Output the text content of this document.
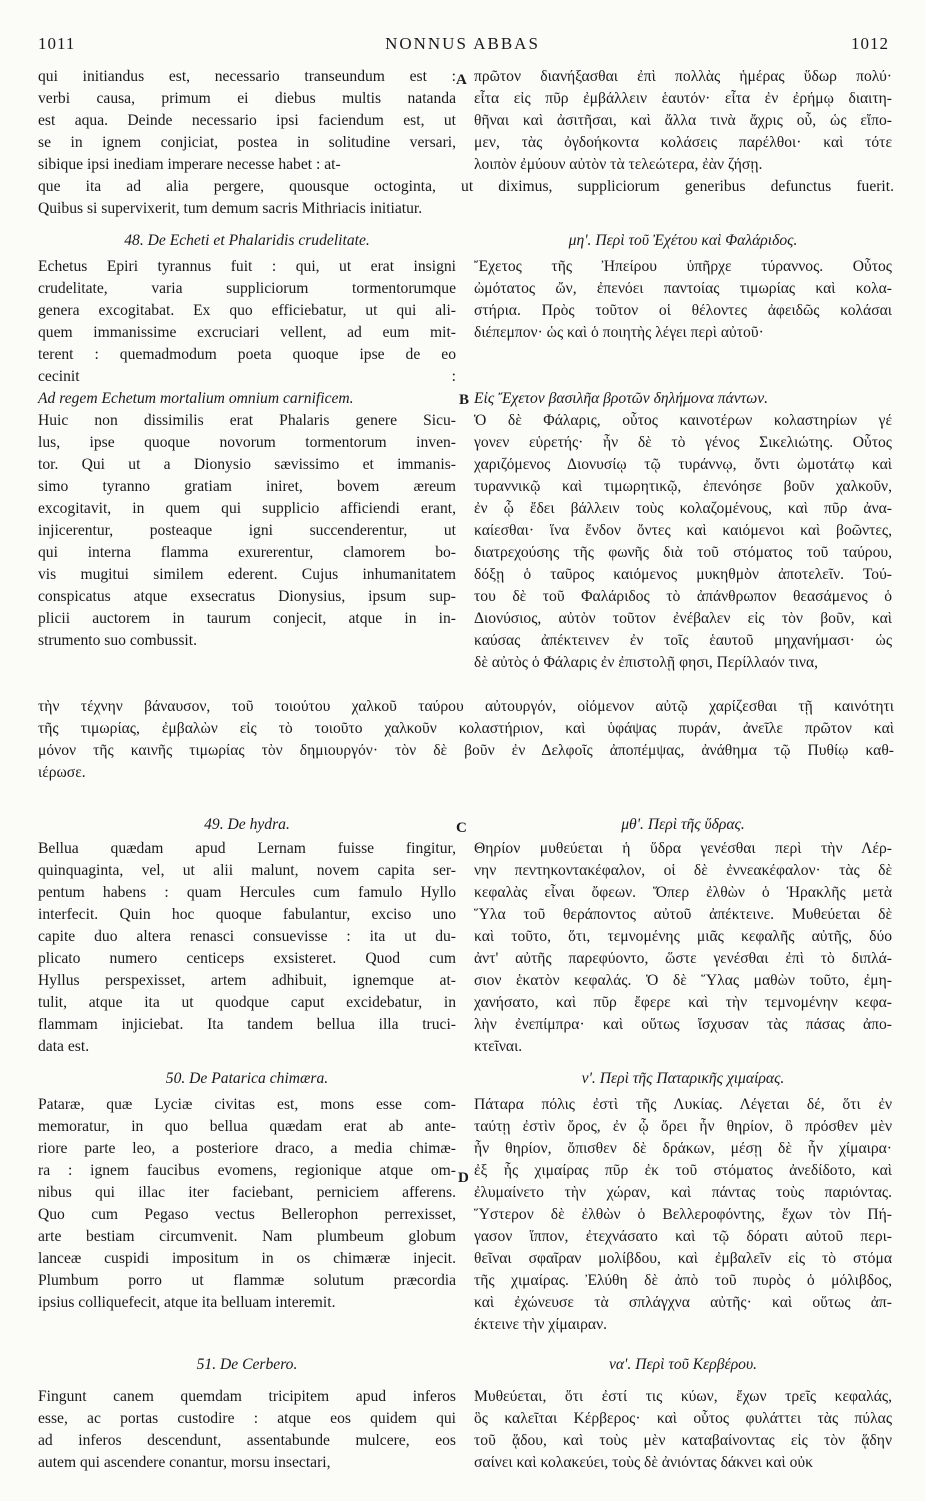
NONNUS ABBAS
1011	1012
A
B
C
D
qui initiandus est, necessario transeundum est :
verbi causa, primum ei diebus multis natanda
est aqua. Deinde necessario ipsi faciendum est, ut
se in ignem conjiciat, postea in solitudine versari,
sibique ipsi inediam imperare necesse habet : at-
πρῶτον διανήξασθαι ἐπὶ πολλὰς ἡμέρας ὕδωρ πολύ·
εἶτα εἰς πῦρ ἐμβάλλειν ἑαυτόν· εἶτα ἐν ἐρήμῳ διαιτη-
θῆναι καὶ ἀσιτῆσαι, καὶ ἄλλα τινὰ ἄχρις οὗ, ὡς εἴπο-
μεν, τὰς ὀγδοήκοντα κολάσεις παρέλθοι· καὶ τότε
λοιπὸν ἐμύουν αὐτὸν τὰ τελεώτερα, ἐὰν ζήσῃ.
que ita ad alia pergere, quousque octoginta, ut diximus, suppliciorum generibus defunctus fuerit.
Quibus si supervixerit, tum demum sacris Mithriacis initiatur.
48. De Echeti et Phalaridis crudelitate.	μη'. Περὶ τοῦ Ἐχέτου καὶ Φαλάριδος.
Echetus Epiri tyrannus fuit : qui, ut erat insigni
crudelitate, varia suppliciorum tormentorumque
genera excogitabat. Ex quo efficiebatur, ut qui ali-
quem immanissime excruciari vellent, ad eum mit-
terent : quemadmodum poeta quoque ipse de eo
cecinit :
Ad regem Echetum mortalium omnium carnificem.
Huic non dissimilis erat Phalaris genere Sicu-
lus, ipse quoque novorum tormentorum inven-
tor. Qui ut a Dionysio sævissimo et immanis-
simo tyranno gratiam iniret, bovem æreum
excogitavit, in quem qui supplicio afficiendi erant,
injicerentur, posteaque igni succenderentur, ut
qui interna flamma exurerentur, clamorem bo-
vis mugitui similem ederent. Cujus inhumanitatem
conspicatus atque exsecratus Dionysius, ipsum sup-
plicii auctorem in taurum conjecit, atque in in-
strumento suo combussit.
Ἔχετος τῆς Ἠπείρου ὑπῆρχε τύραννος. Οὗτος
ὠμότατος ὤν, ἐπενόει παντοίας τιμωρίας καὶ κολα-
στήρια. Πρὸς τοῦτον οἱ θέλοντες ἀφειδῶς κολάσαι
διέπεμπον· ὡς καὶ ὁ ποιητὴς λέγει περὶ αὐτοῦ·
Εἰς Ἔχετον βασιλῆα βροτῶν δηλήμονα πάντων.
Ὁ δὲ Φάλαρις, οὗτος καινοτέρων κολαστηρίων γέ
γονεν εὑρετής· ἦν δὲ τὸ γένος Σικελιώτης. Οὗτος
χαριζόμενος Διονυσίῳ τῷ τυράννῳ, ὄντι ὠμοτάτῳ καὶ
τυραννικῷ καὶ τιμωρητικῷ, ἐπενόησε βοῦν χαλκοῦν,
ἐν ᾧ ἔδει βάλλειν τοὺς κολαζομένους, καὶ πῦρ ἀνα-
καίεσθαι· ἵνα ἔνδον ὄντες καὶ καιόμενοι καὶ βοῶντες,
διατρεχούσης τῆς φωνῆς διὰ τοῦ στόματος τοῦ ταύρου,
δόξῃ ὁ ταῦρος καιόμενος μυκηθμὸν ἀποτελεῖν. Τού-
του δὲ τοῦ Φαλάριδος τὸ ἀπάνθρωπον θεασάμενος ὁ
Διονύσιος, αὐτὸν τοῦτον ἐνέβαλεν εἰς τὸν βοῦν, καὶ
καύσας ἀπέκτεινεν ἐν τοῖς ἑαυτοῦ μηχανήμασι· ὡς
δὲ αὐτὸς ὁ Φάλαρις ἐν ἐπιστολῇ φησι, Περίλλαόν τινα,
τὴν τέχνην βάναυσον, τοῦ τοιούτου χαλκοῦ ταύρου αὐτουργόν, οἰόμενον αὐτῷ χαρίζεσθαι τῇ καινότητι
τῆς τιμωρίας, ἐμβαλὼν εἰς τὸ τοιοῦτο χαλκοῦν κολαστήριον, καὶ ὑφάψας πυράν, ἀνεῖλε πρῶτον καὶ
μόνον τῆς καινῆς τιμωρίας τὸν δημιουργόν· τὸν δὲ βοῦν ἐν Δελφοῖς ἀποπέμψας, ἀνάθημα τῷ Πυθίῳ καθ-
ιέρωσε.
49. De hydra.	μθ'. Περὶ τῆς ὕδρας.
Bellua quædam apud Lernam fuisse fingitur,
quinquaginta, vel, ut alii malunt, novem capita ser-
pentum habens : quam Hercules cum famulo Hyllo
interfecit. Quin hoc quoque fabulantur, exciso uno
capite duo altera renasci consuevisse : ita ut du-
plicato numero centiceps exsisteret. Quod cum
Hyllus perspexisset, artem adhibuit, ignemque at-
tulit, atque ita ut quodque caput excidebatur, in
flammam injiciebat. Ita tandem bellua illa truci-
data est.
Θηρίον μυθεύεται ἡ ὕδρα γενέσθαι περὶ τὴν Λέρ-
νην πεντηκοντακέφαλον, οἱ δὲ ἐννεακέφαλον· τὰς δὲ
κεφαλὰς εἶναι ὄφεων. Ὅπερ ἐλθὼν ὁ Ἡρακλῆς μετὰ
Ὕλα τοῦ θεράποντος αὐτοῦ ἀπέκτεινε. Μυθεύεται δὲ
καὶ τοῦτο, ὅτι, τεμνομένης μιᾶς κεφαλῆς αὐτῆς, δύο
ἀντ' αὐτῆς παρεφύοντο, ὥστε γενέσθαι ἐπὶ τὸ διπλά-
σιον ἑκατὸν κεφαλάς. Ὁ δὲ Ὕλας μαθὼν τοῦτο, ἐμη-
χανήσατο, καὶ πῦρ ἔφερε καὶ τὴν τεμνομένην κεφα-
λὴν ἐνεπίμπρα· καὶ οὕτως ἴσχυσαν τὰς πάσας ἀπο-
κτεῖναι.
50. De Patarica chimæra.	ν'. Περὶ τῆς Παταρικῆς χιμαίρας.
Pataræ, quæ Lyciæ civitas est, mons esse com-
memoratur, in quo bellua quædam erat ab ante-
riore parte leo, a posteriore draco, a media chimæ-
ra : ignem faucibus evomens, regionique atque om-
nibus qui illac iter faciebant, perniciem afferens.
Quo cum Pegaso vectus Bellerophon perrexisset,
arte bestiam circumvenit. Nam plumbeum globum
lanceæ cuspidi impositum in os chimæræ injecit.
Plumbum porro ut flammæ solutum præcordia
ipsius colliquefecit, atque ita belluam interemit.
Πάταρα πόλις ἐστὶ τῆς Λυκίας. Λέγεται δέ, ὅτι ἐν
ταύτῃ ἐστὶν ὄρος, ἐν ᾧ ὄρει ἦν θηρίον, ὃ πρόσθεν μὲν
ἦν θηρίον, ὄπισθεν δὲ δράκων, μέσῃ δὲ ἦν χίμαιρα·
ἐξ ἧς χιμαίρας πῦρ ἐκ τοῦ στόματος ἀνεδίδοτο, καὶ
ἐλυμαίνετο τὴν χώραν, καὶ πάντας τοὺς παριόντας.
Ὕστερον δὲ ἐλθὼν ὁ Βελλεροφόντης, ἔχων τὸν Πή-
γασον ἵππον, ἐτεχνάσατο καὶ τῷ δόρατι αὐτοῦ περι-
θεῖναι σφαῖραν μολίβδου, καὶ ἐμβαλεῖν εἰς τὸ στόμα
τῆς χιμαίρας. Ἐλύθη δὲ ἀπὸ τοῦ πυρὸς ὁ μόλιβδος,
καὶ ἐχώνευσε τὰ σπλάγχνα αὐτῆς· καὶ οὕτως ἀπ-
έκτεινε τὴν χίμαιραν.
51. De Cerbero.	να'. Περὶ τοῦ Κερβέρου.
Fingunt canem quemdam tricipitem apud inferos
esse, ac portas custodire : atque eos quidem qui
ad inferos descendunt, assentabunde mulcere, eos
autem qui ascendere conantur, morsu insectari,
Μυθεύεται, ὅτι ἐστί τις κύων, ἔχων τρεῖς κεφαλάς,
ὃς καλεῖται Κέρβερος· καὶ οὗτος φυλάττει τὰς πύλας
τοῦ ᾅδου, καὶ τοὺς μὲν καταβαίνοντας εἰς τὸν ᾅδην
σαίνει καὶ κολακεύει, τοὺς δὲ ἀνιόντας δάκνει καὶ οὐκ
